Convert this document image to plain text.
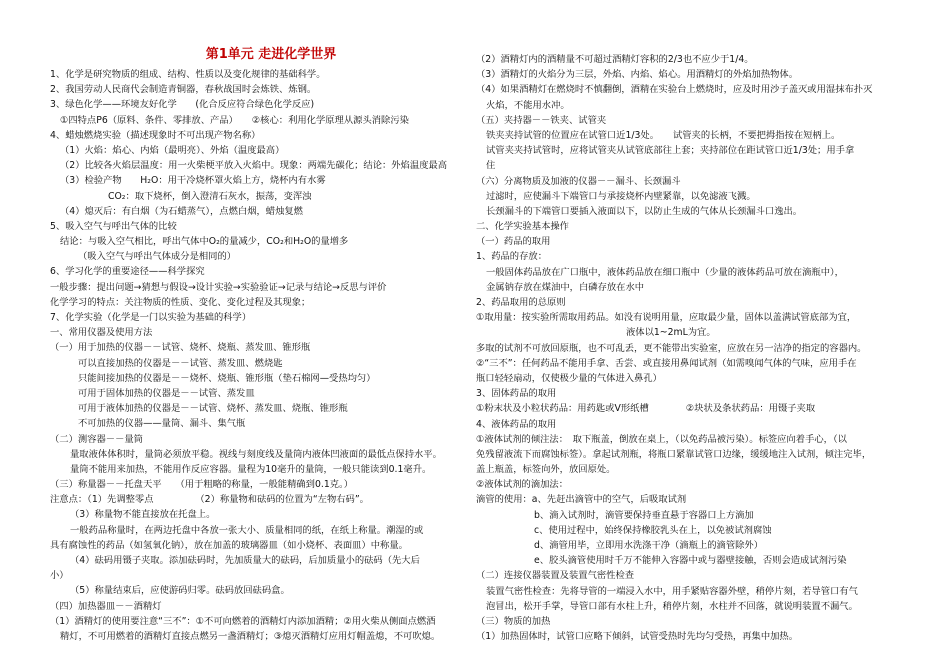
第1单元 走进化学世界
1、化学是研究物质的组成、结构、性质以及变化规律的基础科学。
2、我国劳动人民商代会制造青铜器，春秋战国时会炼铁、炼钢。
3、绿色化学——环境友好化学　　(化合反应符合绿色化学反应)
①四特点P6（原料、条件、零排放、产品）　　②核心：利用化学原理从源头消除污染
4、蜡烛燃烧实验（描述现象时不可出现产物名称）
（1）火焰：焰心、内焰（最明亮）、外焰（温度最高）
（2）比较各火焰层温度：用一火柴梗平放入火焰中。现象：两端先碳化；结论：外焰温度最高
（3）检验产物　　H₂O：用干冷烧杯罩火焰上方，烧杯内有水雾
CO₂：取下烧杯，倒入澄清石灰水，振荡，变浑浊
（4）熄灭后：有白烟（为石蜡蒸气），点燃白烟，蜡烛复燃
5、吸入空气与呼出气体的比较
结论：与吸入空气相比，呼出气体中O₂的量减少，CO₂和H₂O的量增多
（吸入空气与呼出气体成分是相同的）
6、学习化学的重要途径——科学探究
一般步骤：提出问题→猜想与假设→设计实验→实验验证→记录与结论→反思与评价
化学学习的特点：关注物质的性质、变化、变化过程及其现象；
7、化学实验（化学是一门以实验为基础的科学）
一、常用仪器及使用方法
（一）用于加热的仪器－－试管、烧杯、烧瓶、蒸发皿、锥形瓶
可以直接加热的仪器是－－试管、蒸发皿、燃烧匙
只能间接加热的仪器是－－烧杯、烧瓶、锥形瓶（垫石棉网—受热均匀）
可用于固体加热的仪器是－－试管、蒸发皿
可用于液体加热的仪器是－－试管、烧杯、蒸发皿、烧瓶、锥形瓶
不可加热的仪器——量筒、漏斗、集气瓶
（二）测容器－－量筒
量取液体体积时，量筒必须放平稳。视线与刻度线及量筒内液体凹液面的最低点保持水平。
量筒不能用来加热，不能用作反应容器。量程为10毫升的量筒，一般只能读到0.1毫升。
（三）称量器－－托盘天平　　（用于粗略的称量，一般能精确到0.1克。）
注意点：（1）先调整零点　　　　　（2）称量物和砝码的位置为“左物右码”。
（3）称量物不能直接放在托盘上。
一般药品称量时，在两边托盘中各放一张大小、质量相同的纸，在纸上称量。潮湿的或
具有腐蚀性的药品（如氢氧化钠），放在加盖的玻璃器皿（如小烧杯、表面皿）中称量。
（4）砝码用镊子夹取。添加砝码时，先加质量大的砝码，后加质量小的砝码（先大后
小）
（5）称量结束后，应使游码归零。砝码放回砝码盒。
（四）加热器皿－－酒精灯
（1）酒精灯的使用要注意“三不”：①不可向燃着的酒精灯内添加酒精；②用火柴从侧面点燃酒
精灯，不可用燃着的酒精灯直接点燃另一盏酒精灯；③熄灭酒精灯应用灯帽盖熄，不可吹熄。
（2）酒精灯内的酒精量不可超过酒精灯容积的2/3也不应少于1/4。
（3）酒精灯的火焰分为三层，外焰、内焰、焰心。用酒精灯的外焰加热物体。
（4）如果酒精灯在燃烧时不慎翻倒，酒精在实验台上燃烧时，应及时用沙子盖灭或用湿抹布扑灭
火焰，不能用水冲。
（五）夹持器－－铁夹、试管夹
铁夹夹持试管的位置应在试管口近1/3处。　　试管夹的长柄，不要把拇指按在短柄上。
试管夹夹持试管时，应将试管夹从试管底部往上套；夹持部位在距试管口近1/3处；用手拿
住
（六）分离物质及加液的仪器－－漏斗、长颈漏斗
过滤时，应使漏斗下端管口与承接烧杯内壁紧靠，以免滤液飞溅。
长颈漏斗的下端管口要插入液面以下，以防止生成的气体从长颈漏斗口逸出。
二、化学实验基本操作
（一）药品的取用
1、药品的存放：
一般固体药品放在广口瓶中，液体药品放在细口瓶中（少量的液体药品可放在滴瓶中），
金属钠存放在煤油中，白磷存放在水中
2、药品取用的总原则
①取用量：按实验所需取用药品。如没有说明用量，应取最少量，固体以盖满试管底部为宜，
液体以1~2mL为宜。
多取的试剂不可放回原瓶，也不可乱丢，更不能带出实验室，应放在另一洁净的指定的容器内。
②“三不”：任何药品不能用手拿、舌尝、或直接用鼻闻试剂（如需嗅闻气体的气味，应用手在
瓶口轻轻扇动，仅使极少量的气体进入鼻孔）
3、固体药品的取用
①粉末状及小粒状药品：用药匙或V形纸槽　　　　②块状及条状药品：用镊子夹取
4、液体药品的取用
①液体试剂的倾注法：　取下瓶盖，倒放在桌上，（以免药品被污染）。标签应向着手心，（以
免残留液流下而腐蚀标签）。拿起试剂瓶，将瓶口紧靠试管口边缘，缓缓地注入试剂，倾注完毕，
盖上瓶盖，标签向外，放回原处。
②液体试剂的滴加法：
滴管的使用：a、先赶出滴管中的空气，后吸取试剂
b、滴入试剂时，滴管要保持垂直悬于容器口上方滴加
c、使用过程中，始终保持橡胶乳头在上，以免被试剂腐蚀
d、滴管用毕，立即用水洗涤干净（滴瓶上的滴管除外）
e、胶头滴管使用时千万不能伸入容器中或与器壁接触，否则会造成试剂污染
（二）连接仪器装置及装置气密性检查
装置气密性检查：先将导管的一端浸入水中，用手紧贴容器外壁，稍停片刻，若导管口有气
泡冒出，松开手掌，导管口部有水柱上升，稍停片刻，水柱并不回落，就说明装置不漏气。
（三）物质的加热
（1）加热固体时，试管口应略下倾斜，试管受热时先均匀受热，再集中加热。
